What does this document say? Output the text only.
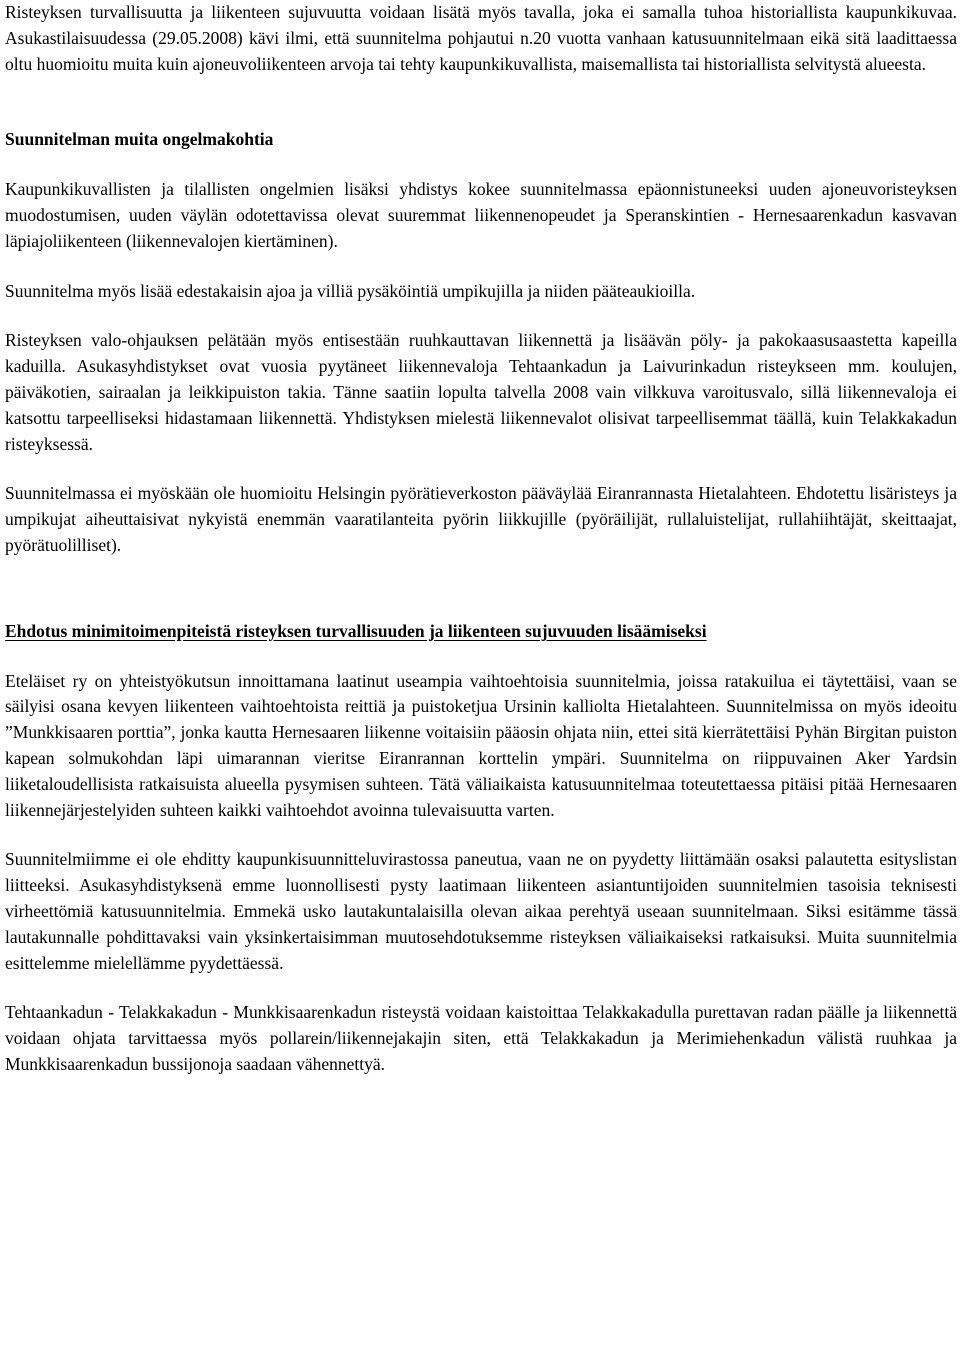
Risteyksen turvallisuutta ja liikenteen sujuvuutta voidaan lisätä myös tavalla, joka ei samalla tuhoa historiallista kaupunkikuvaa. Asukastilaisuudessa (29.05.2008) kävi ilmi, että suunnitelma pohjautui n.20 vuotta vanhaan katusuunnitelmaan eikä sitä laadittaessa oltu huomioitu muita kuin ajoneuvoliikenteen arvoja tai tehty kaupunkikuvallista, maisemallista tai historiallista selvitystä alueesta.

Suunnitelman muita ongelmakohtia

Kaupunkikuvallisten ja tilallisten ongelmien lisäksi yhdistys kokee suunnitelmassa epäonnistuneeksi uuden ajoneuvoristeyksen muodostumisen, uuden väylän odotettavissa olevat suuremmat liikennenopeudet ja Speranskintien - Hernesaarenkadun kasvavan läpiajoliikenteen (liikennevalojen kiertäminen).

Suunnitelma myös lisää edestakaisin ajoa ja villiä pysäköintiä umpikujilla ja niiden pääteaukioilla.

Risteyksen valo-ohjauksen pelätään myös entisestään ruuhkauttavan liikennettä ja lisäävän pöly- ja pakokaasusaastetta kapeilla kaduilla. Asukasyhdistykset ovat vuosia pyytäneet liikennevaloja Tehtaankadun ja Laivurinkadun risteykseen mm. koulujen, päiväkotien, sairaalan ja leikkipuiston takia. Tänne saatiin lopulta talvella 2008 vain vilkkuva varoitusvalo, sillä liikennevaloja ei katsottu tarpeelliseksi hidastamaan liikennettä. Yhdistyksen mielestä liikennevalot olisivat tarpeellisemmat täällä, kuin Telakkakadun risteyksessä.

Suunnitelmassa ei myöskään ole huomioitu Helsingin pyörätieverkoston pääväylää Eiranrannasta Hietalahteen. Ehdotettu lisäristeys ja umpikujat aiheuttaisivat nykyistä enemmän vaaratilanteita pyörin liikkujille (pyöräilijät, rullaluistelijat, rullahiihtäjät, skeittaajat, pyörätuolilliset).

Ehdotus minimitoimenpiteistä risteyksen turvallisuuden ja liikenteen sujuvuuden lisäämiseksi

Eteläiset ry on yhteistyökutsun innoittamana laatinut useampia vaihtoehtoisia suunnitelmia, joissa ratakuilua ei täytettäisi, vaan se säilyisi osana kevyen liikenteen vaihtoehtoista reittiä ja puistoketjua Ursinin kalliolta Hietalahteen. Suunnitelmissa on myös ideoitu ”Munkkisaaren porttia”, jonka kautta Hernesaaren liikenne voitaisiin pääosin ohjata niin, ettei sitä kierrätettäisi Pyhän Birgitan puiston kapean solmukohdan läpi uimarannan vieritse Eiranrannan korttelin ympäri. Suunnitelma on riippuvainen Aker Yardsin liiketaloudellisista ratkaisuista alueella pysymisen suhteen. Tätä väliaikaista katusuunnitelmaa toteutettaessa pitäisi pitää Hernesaaren liikennejärjestelyiden suhteen kaikki vaihtoehdot avoinna tulevaisuutta varten.

Suunnitelmiimme ei ole ehditty kaupunkisuunnitteluvirastossa paneutua, vaan ne on pyydetty liittämään osaksi palautetta esityslistan liitteeksi. Asukasyhdistyksenä emme luonnollisesti pysty laatimaan liikenteen asiantuntijoiden suunnitelmien tasoisia teknisesti virheettömiä katusuunnitelmia. Emmekä usko lautakuntalaisilla olevan aikaa perehtyä useaan suunnitelmaan. Siksi esitämme tässä lautakunnalle pohdittavaksi vain yksinkertaisimman muutosehdotuksemme risteyksen väliaikaiseksi ratkaisuksi. Muita suunnitelmia esittelemme mielellämme pyydettäessä.

Tehtaankadun - Telakkakadun - Munkkisaarenkadun risteystä voidaan kaistoittaa Telakkakadulla purettavan radan päälle ja liikennettä voidaan ohjata tarvittaessa myös pollarein/liikennejakajin siten, että Telakkakadun ja Merimiehenkadun välistä ruuhkaa ja Munkkisaarenkadun bussijonoja saadaan vähennettyä.
